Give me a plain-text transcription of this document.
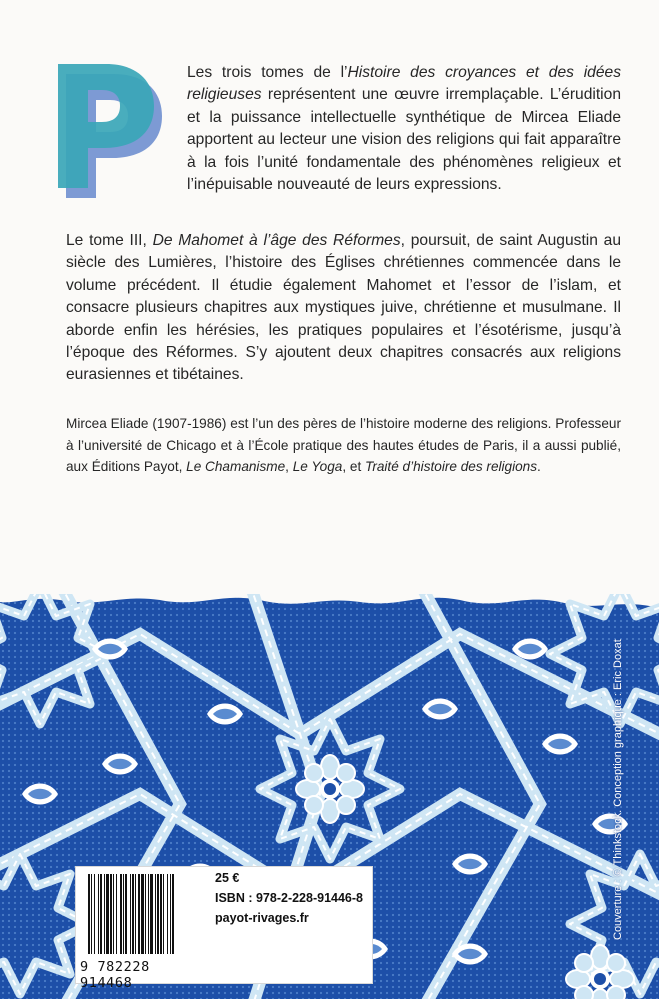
Les trois tomes de l’Histoire des croyances et des idées religieuses représentent une œuvre irremplaçable. L’érudition et la puissance intellectuelle synthétique de Mircea Eliade apportent au lecteur une vision des religions qui fait apparaître à la fois l’unité fondamentale des phénomènes religieux et l’inépuisable nouveauté de leurs expressions.
Le tome III, De Mahomet à l’âge des Réformes, poursuit, de saint Augustin au siècle des Lumières, l’histoire des Églises chrétiennes commencée dans le volume précédent. Il étudie également Mahomet et l’essor de l’islam, et consacre plusieurs chapitres aux mystiques juive, chrétienne et musulmane. Il aborde enfin les hérésies, les pratiques populaires et l’ésotérisme, jusqu’à l’époque des Réformes. S’y ajoutent deux chapitres consacrés aux religions eurasiennes et tibétaines.
Mircea Eliade (1907-1986) est l’un des pères de l’histoire moderne des religions. Professeur à l’université de Chicago et à l’École pratique des hautes études de Paris, il a aussi publié, aux Éditions Payot, Le Chamanisme, Le Yoga, et Traité d’histoire des religions.
9 782228 914468
25 €
ISBN : 978-2-228-91446-8
payot-rivages.fr	Couverture : © Thinkstock. Conception graphique : Eric Doxat
